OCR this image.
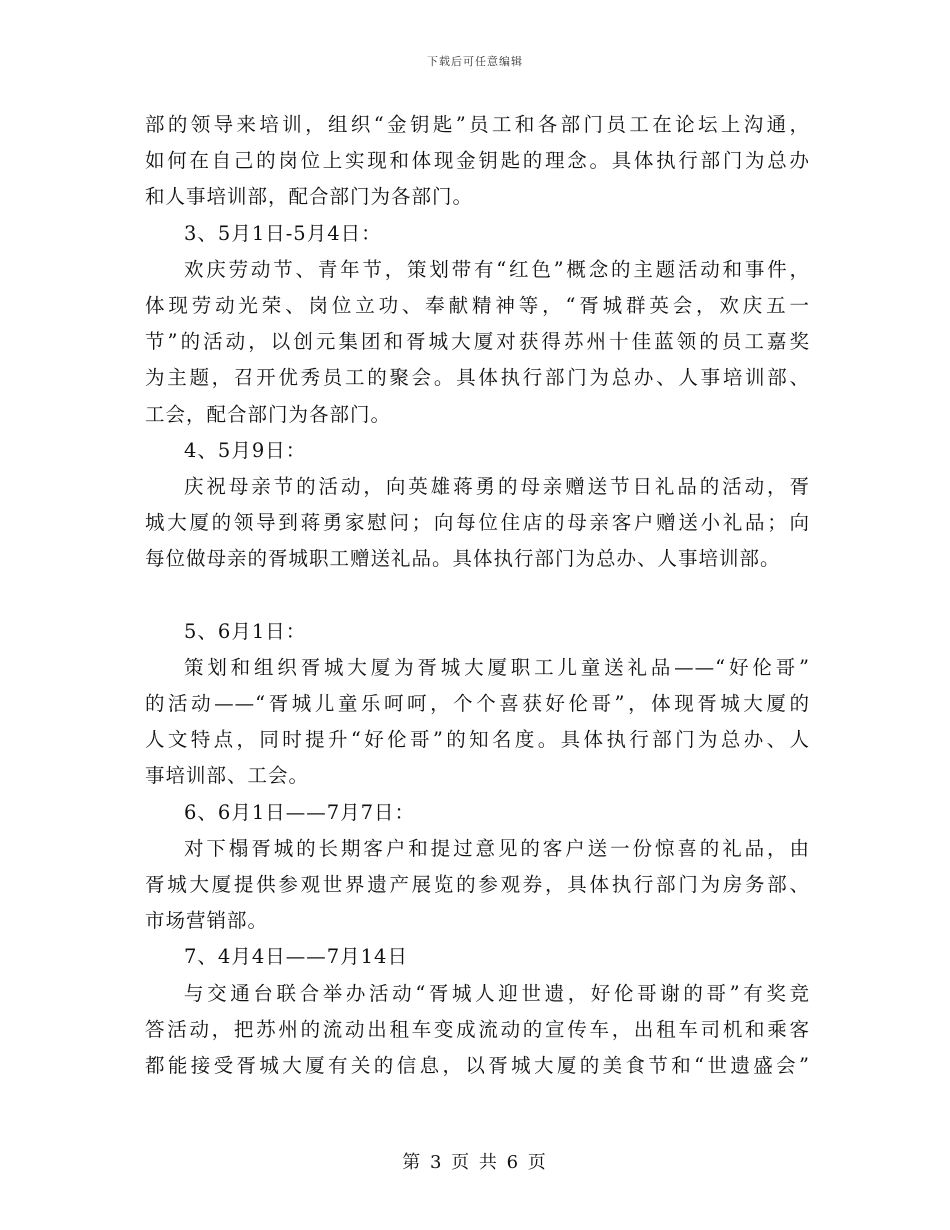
下载后可任意编辑
部的领导来培训，组织“金钥匙”员工和各部门员工在论坛上沟通，
如何在自己的岗位上实现和体现金钥匙的理念。具体执行部门为总办
和人事培训部，配合部门为各部门。
3、5月1日-5月4日：
欢庆劳动节、青年节，策划带有“红色”概念的主题活动和事件，
体现劳动光荣、岗位立功、奉献精神等，“胥城群英会，欢庆五一
节”的活动，以创元集团和胥城大厦对获得苏州十佳蓝领的员工嘉奖
为主题，召开优秀员工的聚会。具体执行部门为总办、人事培训部、
工会，配合部门为各部门。
4、5月9日：
庆祝母亲节的活动，向英雄蒋勇的母亲赠送节日礼品的活动，胥
城大厦的领导到蒋勇家慰问；向每位住店的母亲客户赠送小礼品；向
每位做母亲的胥城职工赠送礼品。具体执行部门为总办、人事培训部。
5、6月1日：
策划和组织胥城大厦为胥城大厦职工儿童送礼品——“好伦哥”
的活动——“胥城儿童乐呵呵，个个喜获好伦哥”，体现胥城大厦的
人文特点，同时提升“好伦哥”的知名度。具体执行部门为总办、人
事培训部、工会。
6、6月1日——7月7日：
对下榻胥城的长期客户和提过意见的客户送一份惊喜的礼品，由
胥城大厦提供参观世界遗产展览的参观券，具体执行部门为房务部、
市场营销部。
7、4月4日——7月14日
与交通台联合举办活动“胥城人迎世遗，好伦哥谢的哥”有奖竞
答活动，把苏州的流动出租车变成流动的宣传车，出租车司机和乘客
都能接受胥城大厦有关的信息，以胥城大厦的美食节和“世遗盛会”
第 3 页 共 6 页
